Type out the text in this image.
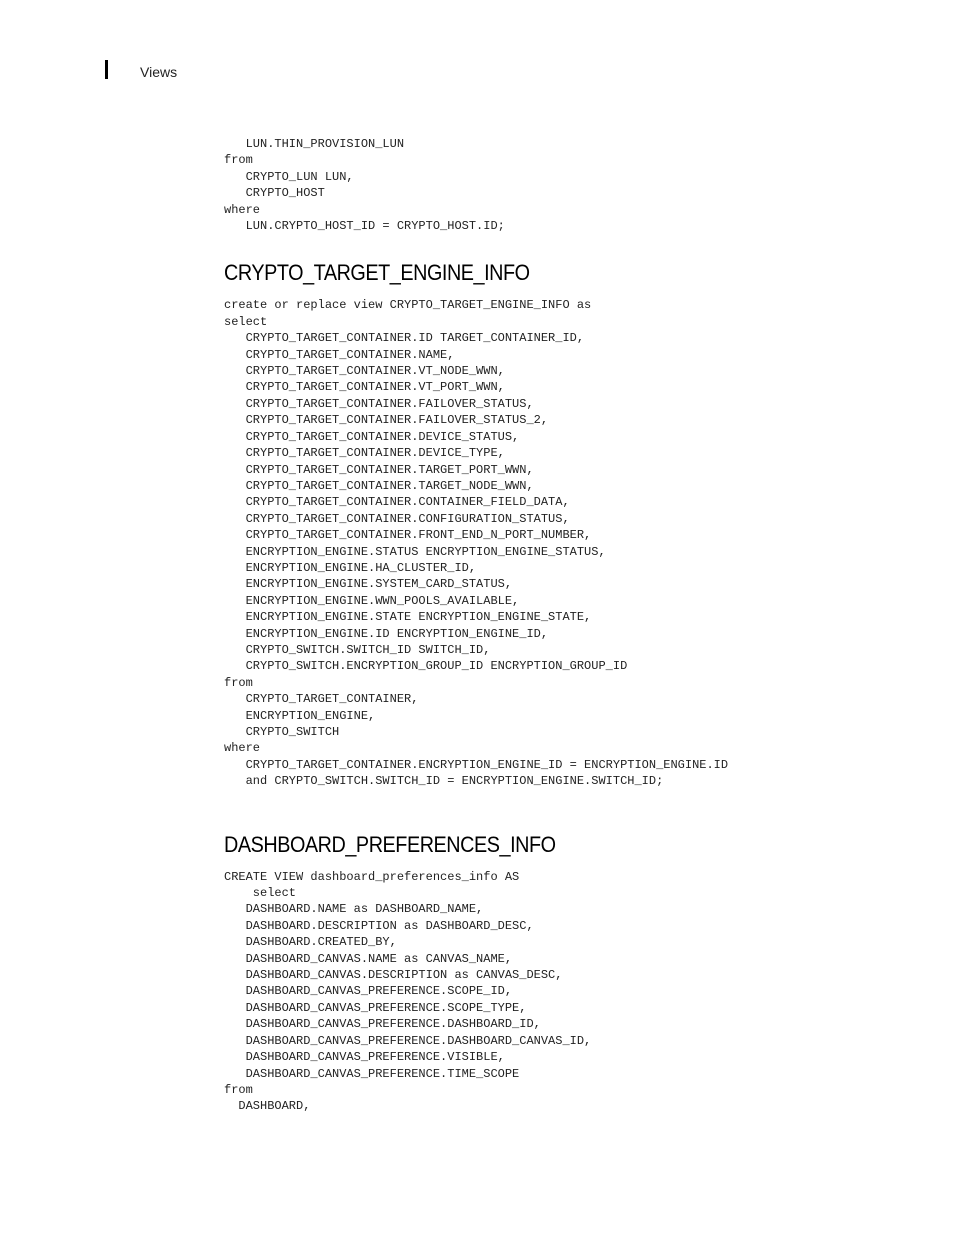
Views
LUN.THIN_PROVISION_LUN
from
CRYPTO_LUN LUN,
CRYPTO_HOST
where
LUN.CRYPTO_HOST_ID = CRYPTO_HOST.ID;
CRYPTO_TARGET_ENGINE_INFO
create or replace view CRYPTO_TARGET_ENGINE_INFO as
select
CRYPTO_TARGET_CONTAINER.ID TARGET_CONTAINER_ID,
CRYPTO_TARGET_CONTAINER.NAME,
CRYPTO_TARGET_CONTAINER.VT_NODE_WWN,
CRYPTO_TARGET_CONTAINER.VT_PORT_WWN,
CRYPTO_TARGET_CONTAINER.FAILOVER_STATUS,
CRYPTO_TARGET_CONTAINER.FAILOVER_STATUS_2,
CRYPTO_TARGET_CONTAINER.DEVICE_STATUS,
CRYPTO_TARGET_CONTAINER.DEVICE_TYPE,
CRYPTO_TARGET_CONTAINER.TARGET_PORT_WWN,
CRYPTO_TARGET_CONTAINER.TARGET_NODE_WWN,
CRYPTO_TARGET_CONTAINER.CONTAINER_FIELD_DATA,
CRYPTO_TARGET_CONTAINER.CONFIGURATION_STATUS,
CRYPTO_TARGET_CONTAINER.FRONT_END_N_PORT_NUMBER,
ENCRYPTION_ENGINE.STATUS ENCRYPTION_ENGINE_STATUS,
ENCRYPTION_ENGINE.HA_CLUSTER_ID,
ENCRYPTION_ENGINE.SYSTEM_CARD_STATUS,
ENCRYPTION_ENGINE.WWN_POOLS_AVAILABLE,
ENCRYPTION_ENGINE.STATE ENCRYPTION_ENGINE_STATE,
ENCRYPTION_ENGINE.ID ENCRYPTION_ENGINE_ID,
CRYPTO_SWITCH.SWITCH_ID SWITCH_ID,
CRYPTO_SWITCH.ENCRYPTION_GROUP_ID ENCRYPTION_GROUP_ID
from
CRYPTO_TARGET_CONTAINER,
ENCRYPTION_ENGINE,
CRYPTO_SWITCH
where
CRYPTO_TARGET_CONTAINER.ENCRYPTION_ENGINE_ID = ENCRYPTION_ENGINE.ID
and CRYPTO_SWITCH.SWITCH_ID = ENCRYPTION_ENGINE.SWITCH_ID;
DASHBOARD_PREFERENCES_INFO
CREATE VIEW dashboard_preferences_info AS
select
DASHBOARD.NAME as DASHBOARD_NAME,
DASHBOARD.DESCRIPTION as DASHBOARD_DESC,
DASHBOARD.CREATED_BY,
DASHBOARD_CANVAS.NAME as CANVAS_NAME,
DASHBOARD_CANVAS.DESCRIPTION as CANVAS_DESC,
DASHBOARD_CANVAS_PREFERENCE.SCOPE_ID,
DASHBOARD_CANVAS_PREFERENCE.SCOPE_TYPE,
DASHBOARD_CANVAS_PREFERENCE.DASHBOARD_ID,
DASHBOARD_CANVAS_PREFERENCE.DASHBOARD_CANVAS_ID,
DASHBOARD_CANVAS_PREFERENCE.VISIBLE,
DASHBOARD_CANVAS_PREFERENCE.TIME_SCOPE
from
DASHBOARD,
